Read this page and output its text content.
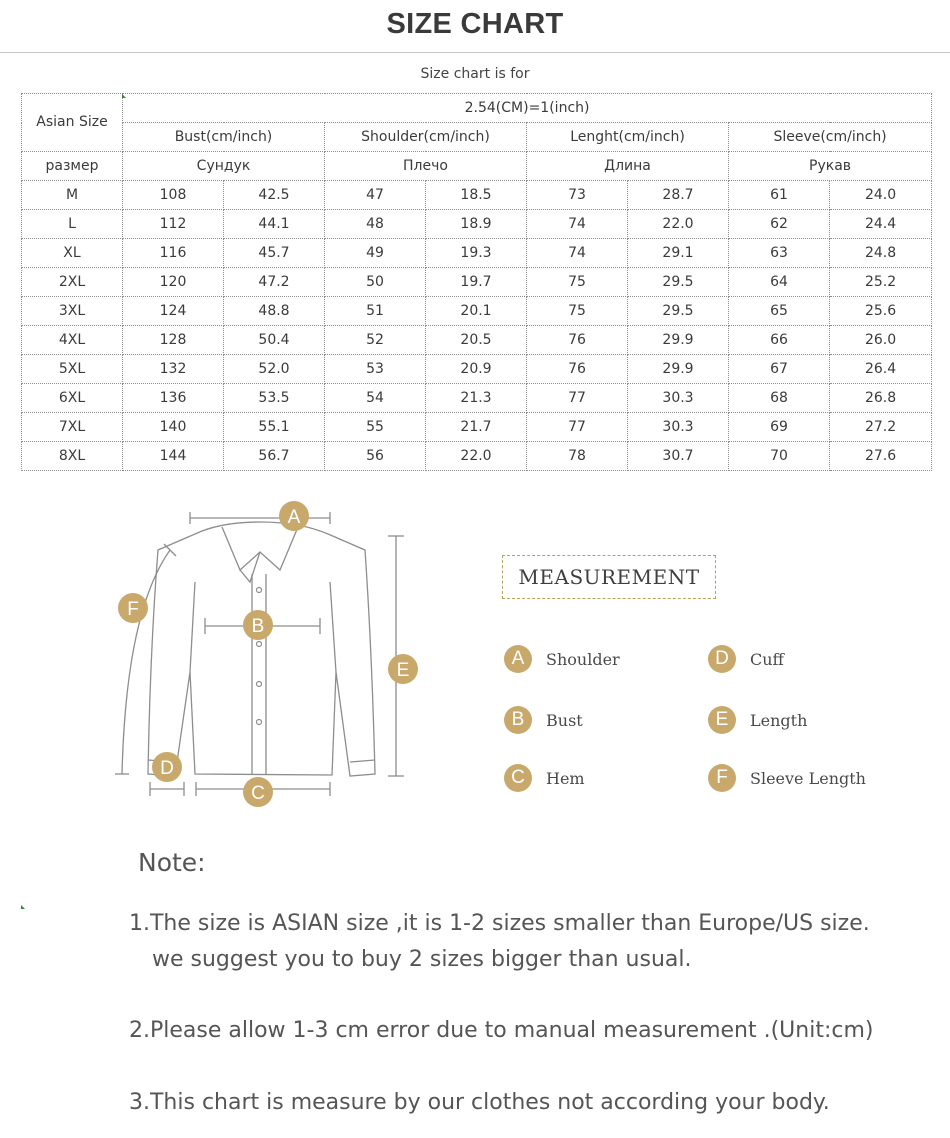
SIZE CHART
Size chart is for
Asian Size	2.54(CM)=1(inch)							
	Bust(cm/inch)		Shoulder(cm/inch)		Lenght(cm/inch)		Sleeve(cm/inch)	
размер	Сундук		Плечо		Длина		Рукав	
M	108	42.5	47	18.5	73	28.7	61	24.0
L	112	44.1	48	18.9	74	22.0	62	24.4
XL	116	45.7	49	19.3	74	29.1	63	24.8
2XL	120	47.2	50	19.7	75	29.5	64	25.2
3XL	124	48.8	51	20.1	75	29.5	65	25.6
4XL	128	50.4	52	20.5	76	29.9	66	26.0
5XL	132	52.0	53	20.9	76	29.9	67	26.4
6XL	136	53.5	54	21.3	77	30.3	68	26.8
7XL	140	55.1	55	21.7	77	30.3	69	27.2
8XL	144	56.7	56	22.0	78	30.7	70	27.6
A
B
C
D
E
F
MEASUREMENT
A	Shoulder
B	Bust
C	Hem
D	Cuff
E	Length
F	Sleeve Length
Note:
1.The size is ASIAN size ,it is 1-2 sizes smaller than Europe/US size.
we suggest you to buy 2 sizes bigger than usual.
2.Please allow 1-3 cm error due to manual measurement .(Unit:cm)
3.This chart is measure by our clothes not according your body.
